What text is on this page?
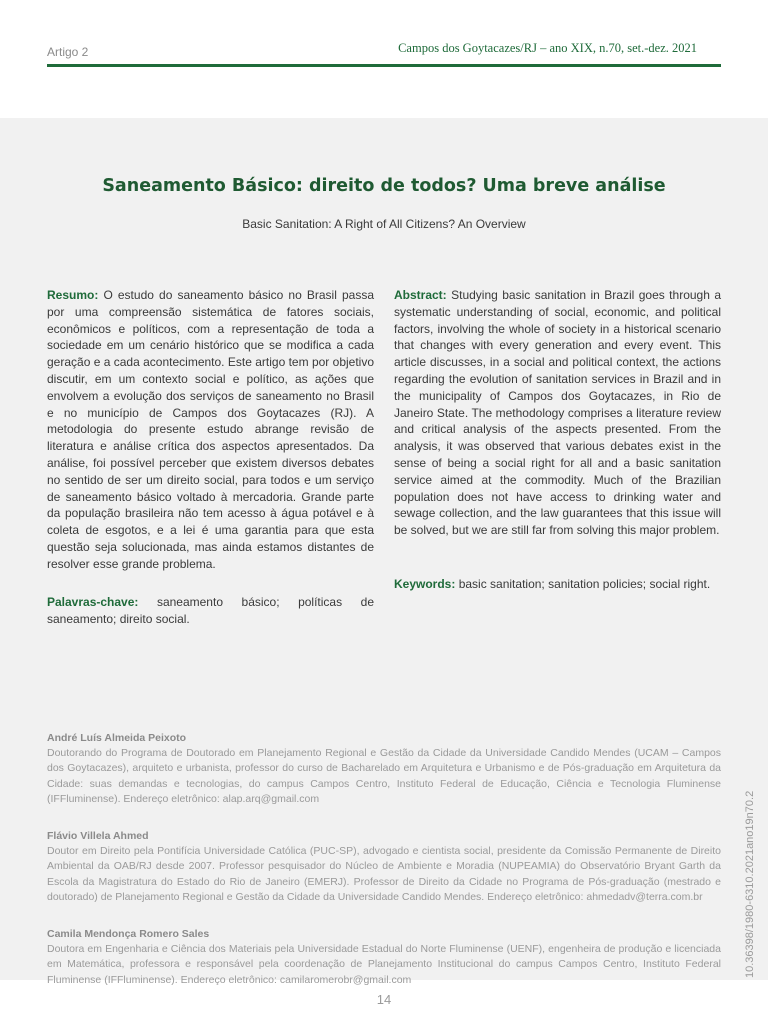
Artigo 2	Campos dos Goytacazes/RJ – ano XIX, n.70, set.-dez. 2021
Saneamento Básico: direito de todos? Uma breve análise
Basic Sanitation: A Right of All Citizens? An Overview

Resumo: O estudo do saneamento básico no Brasil passa por uma compreensão sistemática de fatores sociais, econômicos e políticos, com a representação de toda a sociedade em um cenário histórico que se modifica a cada geração e a cada acontecimento. Este artigo tem por objetivo discutir, em um contexto social e político, as ações que envolvem a evolução dos serviços de saneamento no Brasil e no município de Campos dos Goytacazes (RJ). A metodologia do presente estudo abrange revisão de literatura e análise crítica dos aspectos apresentados. Da análise, foi possível perceber que existem diversos debates no sentido de ser um direito social, para todos e um serviço de saneamento básico voltado à mercadoria. Grande parte da população brasileira não tem acesso à água potável e à coleta de esgotos, e a lei é uma garantia para que esta questão seja solucionada, mas ainda estamos distantes de resolver esse grande problema.

Palavras-chave: saneamento básico; políticas de saneamento; direito social.

Abstract: Studying basic sanitation in Brazil goes through a systematic understanding of social, economic, and political factors, involving the whole of society in a historical scenario that changes with every generation and every event. This article discusses, in a social and political context, the actions regarding the evolution of sanitation services in Brazil and in the municipality of Campos dos Goytacazes, in Rio de Janeiro State. The methodology comprises a literature review and critical analysis of the aspects presented. From the analysis, it was observed that various debates exist in the sense of being a social right for all and a basic sanitation service aimed at the commodity. Much of the Brazilian population does not have access to drinking water and sewage collection, and the law guarantees that this issue will be solved, but we are still far from solving this major problem.

Keywords: basic sanitation; sanitation policies; social right.

André Luís Almeida Peixoto
Doutorando do Programa de Doutorado em Planejamento Regional e Gestão da Cidade da Universidade Candido Mendes (UCAM – Campos dos Goytacazes), arquiteto e urbanista, professor do curso de Bacharelado em Arquitetura e Urbanismo e de Pós-graduação em Arquitetura da Cidade: suas demandas e tecnologias, do campus Campos Centro, Instituto Federal de Educação, Ciência e Tecnologia Fluminense (IFFluminense). Endereço eletrônico: alap.arq@gmail.com
Flávio Villela Ahmed
Doutor em Direito pela Pontifícia Universidade Católica (PUC-SP), advogado e cientista social, presidente da Comissão Permanente de Direito Ambiental da OAB/RJ desde 2007. Professor pesquisador do Núcleo de Ambiente e Moradia (NUPEAMIA) do Observatório Bryant Garth da Escola da Magistratura do Estado do Rio de Janeiro (EMERJ). Professor de Direito da Cidade no Programa de Pós-graduação (mestrado e doutorado) de Planejamento Regional e Gestão da Cidade da Universidade Candido Mendes. Endereço eletrônico: ahmedadv@terra.com.br
Camila Mendonça Romero Sales
Doutora em Engenharia e Ciência dos Materiais pela Universidade Estadual do Norte Fluminense (UENF), engenheira de produção e licenciada em Matemática, professora e responsável pela coordenação de Planejamento Institucional do campus Campos Centro, Instituto Federal Fluminense (IFFluminense). Endereço eletrônico: camilaromerobr@gmail.com
10.36398/1980-6310.2021ano19n70.2
14
